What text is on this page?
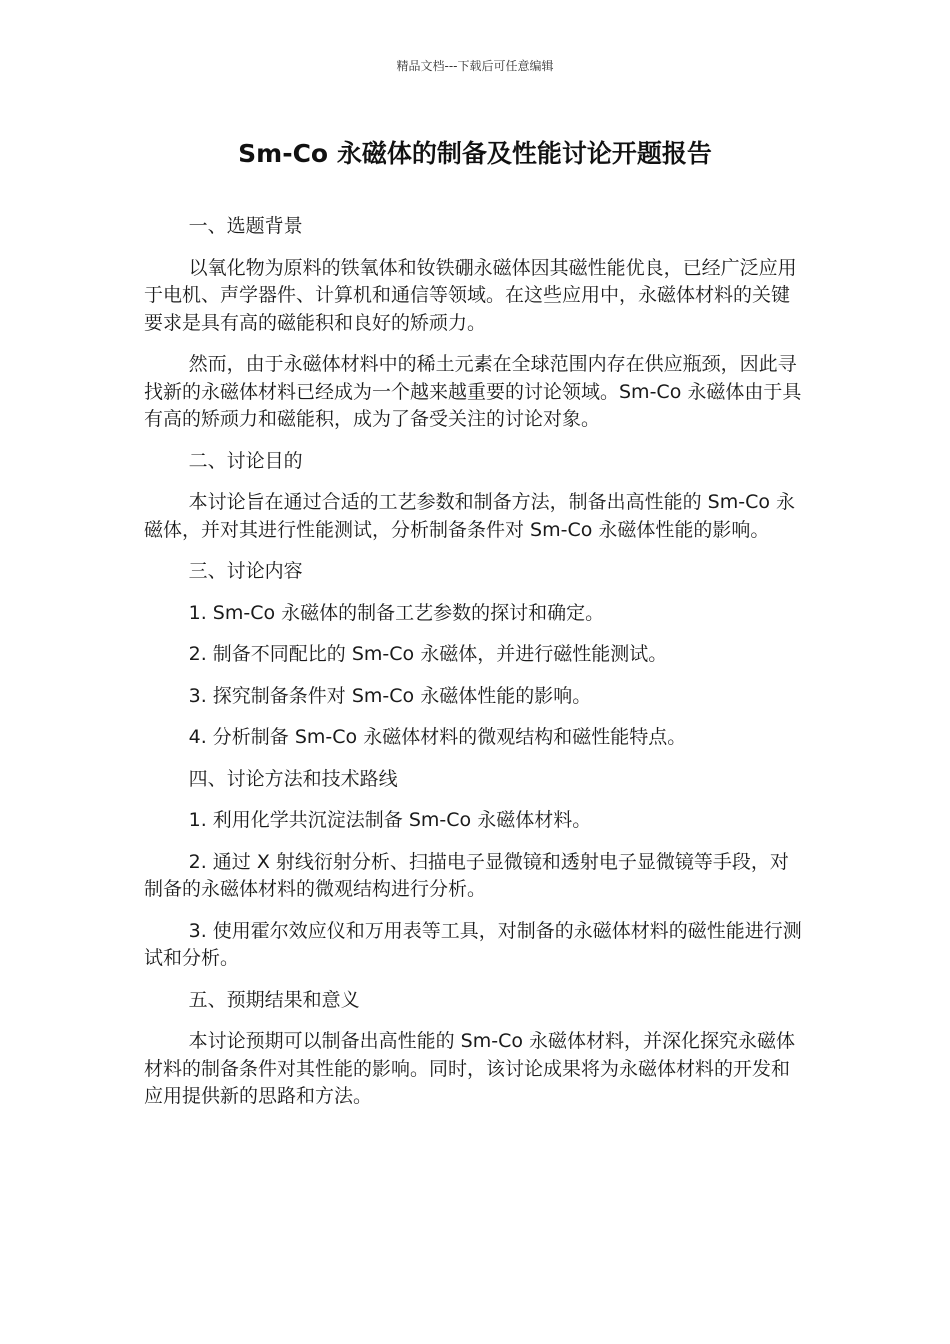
精品文档---下载后可任意编辑
Sm-Co 永磁体的制备及性能讨论开题报告

一、选题背景

以氧化物为原料的铁氧体和钕铁硼永磁体因其磁性能优良，已经广泛应用于电机、声学器件、计算机和通信等领域。在这些应用中，永磁体材料的关键要求是具有高的磁能积和良好的矫顽力。

然而，由于永磁体材料中的稀土元素在全球范围内存在供应瓶颈，因此寻找新的永磁体材料已经成为一个越来越重要的讨论领域。Sm-Co 永磁体由于具有高的矫顽力和磁能积，成为了备受关注的讨论对象。

二、讨论目的

本讨论旨在通过合适的工艺参数和制备方法，制备出高性能的 Sm-Co 永磁体，并对其进行性能测试，分析制备条件对 Sm-Co 永磁体性能的影响。

三、讨论内容

1. Sm-Co 永磁体的制备工艺参数的探讨和确定。

2. 制备不同配比的 Sm-Co 永磁体，并进行磁性能测试。

3. 探究制备条件对 Sm-Co 永磁体性能的影响。

4. 分析制备 Sm-Co 永磁体材料的微观结构和磁性能特点。

四、讨论方法和技术路线

1. 利用化学共沉淀法制备 Sm-Co 永磁体材料。

2. 通过 X 射线衍射分析、扫描电子显微镜和透射电子显微镜等手段，对制备的永磁体材料的微观结构进行分析。

3. 使用霍尔效应仪和万用表等工具，对制备的永磁体材料的磁性能进行测试和分析。

五、预期结果和意义

本讨论预期可以制备出高性能的 Sm-Co 永磁体材料，并深化探究永磁体材料的制备条件对其性能的影响。同时，该讨论成果将为永磁体材料的开发和应用提供新的思路和方法。
